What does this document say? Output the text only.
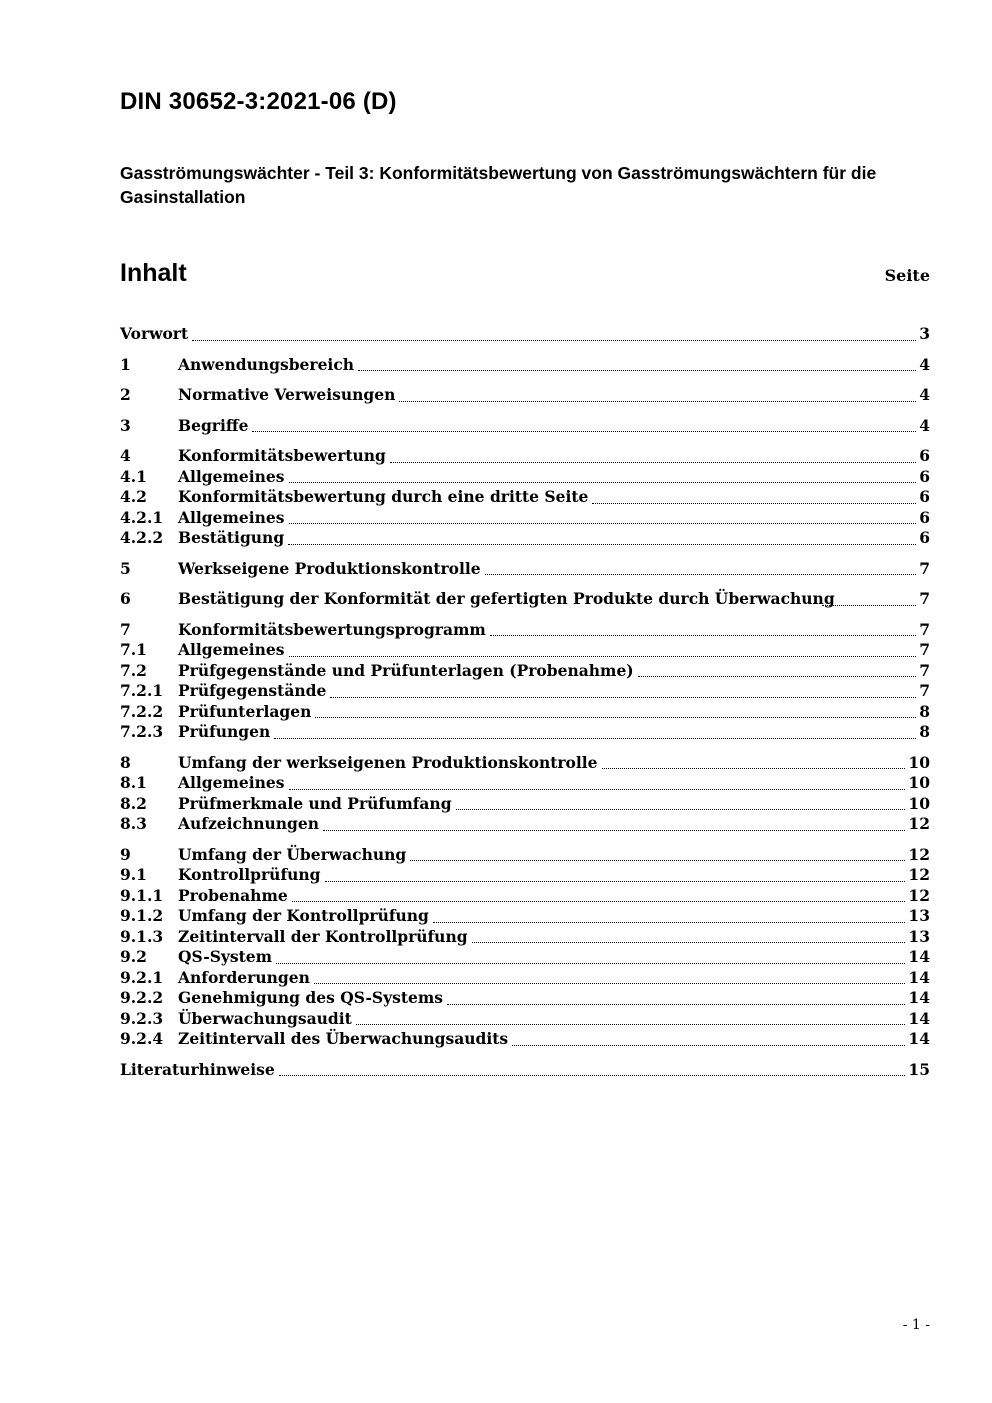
DIN 30652-3:2021-06 (D)
Gasströmungswächter - Teil 3: Konformitätsbewertung von Gasströmungswächtern für die Gasinstallation
Inhalt	Seite
Vorwort	3
1	Anwendungsbereich	4
2	Normative Verweisungen	4
3	Begriffe	4
4	Konformitätsbewertung	6
4.1	Allgemeines	6
4.2	Konformitätsbewertung durch eine dritte Seite	6
4.2.1 Allgemeines	6
4.2.2 Bestätigung	6
5	Werkseigene Produktionskontrolle	7
6	Bestätigung der Konformität der gefertigten Produkte durch Überwachung	7
7	Konformitätsbewertungsprogramm	7
7.1	Allgemeines	7
7.2	Prüfgegenstände und Prüfunterlagen (Probenahme)	7
7.2.1 Prüfgegenstände	7
7.2.2 Prüfunterlagen	8
7.2.3 Prüfungen	8
8	Umfang der werkseigenen Produktionskontrolle	10
8.1	Allgemeines	10
8.2	Prüfmerkmale und Prüfumfang	10
8.3	Aufzeichnungen	12
9	Umfang der Überwachung	12
9.1	Kontrollprüfung	12
9.1.1 Probenahme	12
9.1.2 Umfang der Kontrollprüfung	13
9.1.3 Zeitintervall der Kontrollprüfung	13
9.2	QS-System	14
9.2.1 Anforderungen	14
9.2.2 Genehmigung des QS-Systems	14
9.2.3 Überwachungsaudit	14
9.2.4 Zeitintervall des Überwachungsaudits	14
Literaturhinweise	15
- 1 -
